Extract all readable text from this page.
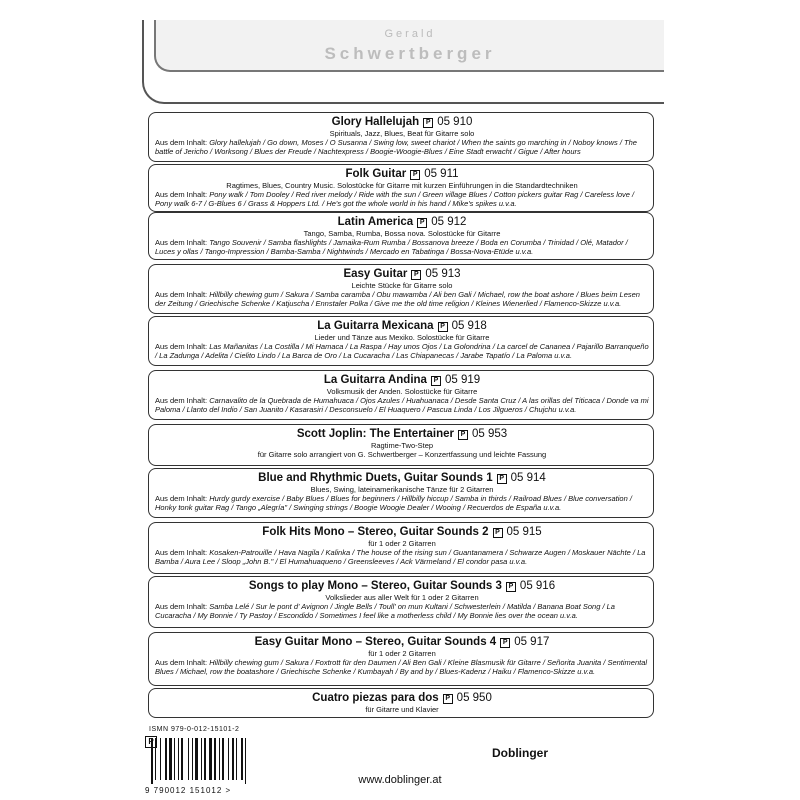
Gerald
Schwertberger
Glory Hallelujah P 05 910
Spirituals, Jazz, Blues, Beat für Gitarre solo
Aus dem Inhalt: Glory hallelujah / Go down, Moses / O Susanna / Swing low, sweet chariot / When the saints go marching in / Noboy knows / The battle of Jericho / Worksong / Blues der Freude / Nachtexpress / Boogie-Woogie-Blues / Eine Stadt erwacht / Gigue / After hours
Folk Guitar P 05 911
Ragtimes, Blues, Country Music. Solostücke für Gitarre mit kurzen Einführungen in die Standardtechniken
Aus dem Inhalt: Pony walk / Tom Dooley / Red river melody / Ride with the sun / Green village Blues / Cotton pickers guitar Rag / Careless love / Pony walk 6-7 / G-Blues 6 / Grass & Hoppers Ltd. / He's got the whole world in his hand / Mike's spikes u.v.a.
Latin America P 05 912
Tango, Samba, Rumba, Bossa nova. Solostücke für Gitarre
Aus dem Inhalt: Tango Souvenir / Samba flashlights / Jamaika-Rum Rumba / Bossanova breeze / Boda en Corumba / Trinidad / Olé, Matador / Luces y ollas / Tango-Impression / Bamba-Samba / Nightwinds / Mercado en Tabatinga / Bossa-Nova-Etüde u.v.a.
Easy Guitar P 05 913
Leichte Stücke für Gitarre solo
Aus dem Inhalt: Hillbilly chewing gum / Sakura / Samba caramba / Obu mawamba / Ali ben Gali / Michael, row the boat ashore / Blues beim Lesen der Zeitung / Griechische Schenke / Katjuscha / Ennstaler Polka / Give me the old time religion / Kleines Wienerlied / Flamenco-Skizze u.v.a.
La Guitarra Mexicana P 05 918
Lieder und Tänze aus Mexiko. Solostücke für Gitarre
Aus dem Inhalt: Las Mañanitas / La Costilla / Mi Hamaca / La Raspa / Hay unos Ojos / La Golondrina / La carcel de Cananea / Pajarillo Barranqueño / La Zadunga / Adelita / Cielito Lindo / La Barca de Oro / La Cucaracha / Las Chiapanecas / Jarabe Tapatío / La Paloma u.v.a.
La Guitarra Andina P 05 919
Volksmusik der Anden. Solostücke für Gitarre
Aus dem Inhalt: Carnavalito de la Quebrada de Humahuaca / Ojos Azules / Huahuanaca / Desde Santa Cruz / A las orillas del Titicaca / Donde va mi Paloma / Llanto del Indio / San Juanito / Kasarasiri / Desconsuelo / El Huaquero / Pascua Linda / Los Jilgueros / Chujchu u.v.a.
Scott Joplin: The Entertainer P 05 953
Ragtime-Two-Step
für Gitarre solo arrangiert von G. Schwertberger – Konzertfassung und leichte Fassung
Blue and Rhythmic Duets, Guitar Sounds 1 P 05 914
Blues, Swing, lateinamerikanische Tänze für 2 Gitarren
Aus dem Inhalt: Hurdy gurdy exercise / Baby Blues / Blues for beginners / Hillbilly hiccup / Samba in thirds / Railroad Blues / Blue conversation / Honky tonk guitar Rag / Tango „Alegría" / Swinging strings / Boogie Woogie Dealer / Wooing / Recuerdos de España u.v.a.
Folk Hits Mono – Stereo, Guitar Sounds 2 P 05 915
für 1 oder 2 Gitarren
Aus dem Inhalt: Kosaken-Patrouille / Hava Nagila / Kalinka / The house of the rising sun / Guantanamera / Schwarze Augen / Moskauer Nächte / La Bamba / Aura Lee / Sloop „John B." / El Humahuaqueno / Greensleeves / Ack Värmeland / El condor pasa u.v.a.
Songs to play Mono – Stereo, Guitar Sounds 3 P 05 916
Volkslieder aus aller Welt für 1 oder 2 Gitarren
Aus dem Inhalt: Samba Lelé / Sur le pont d' Avignon / Jingle Bells / Toull' on mun Kultani / Schwesterlein / Matilda / Banana Boat Song / La Cucaracha / My Bonnie / Ty Pastoy / Escondido / Sometimes I feel like a motherless child / My Bonnie lies over the ocean u.v.a.
Easy Guitar Mono – Stereo, Guitar Sounds 4 P 05 917
für 1 oder 2 Gitarren
Aus dem Inhalt: Hillbilly chewing gum / Sakura / Foxtrott für den Daumen / Ali Ben Gali / Kleine Blasmusik für Gitarre / Señorita Juanita / Sentimental Blues / Michael, row the boatashore / Griechische Schenke / Kumbayah / By and by / Blues-Kadenz / Haiku / Flamenco-Skizze u.v.a.
Cuatro piezas para dos P 05 950
für Gitarre und Klavier
ISMN 979-0-012-15101-2
9 790012 151012 >
P
Doblinger
www.doblinger.at
